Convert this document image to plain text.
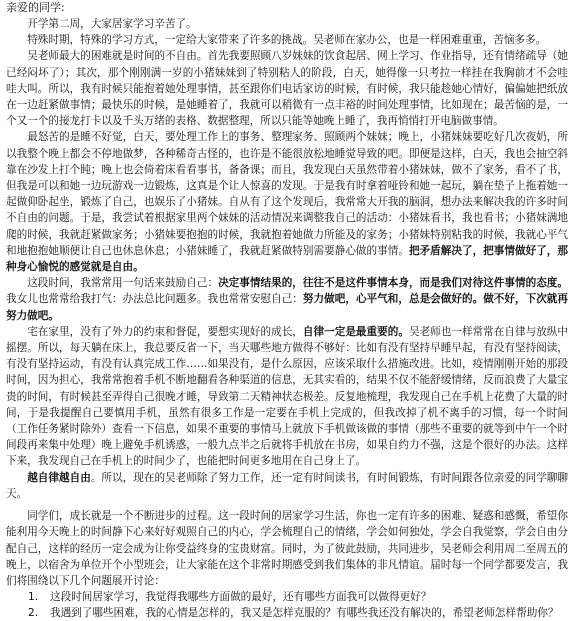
亲爱的同学:

开学第二周，大家居家学习辛苦了。

特殊时期，特殊的学习方式，一定给大家带来了许多的挑战。吴老师在家办公，也是一样困难重重，苦恼多多。

吴老师最大的困难就是时间的不自由。首先我要照顾八岁妹妹的饮食起居、网上学习、作业指导，还有情绪疏导（她已经闷坏了）；其次，那个刚刚满一岁的小猪妹妹到了特别粘人的阶段，白天，她得像一只考拉一样挂在我胸前才不会哇哇大叫。所以，我有时候只能抱着她处理事情，甚至跟你们电话家访的时候，有时候，我只能趁她心情好，偏偏她把纸放在一边赶紧做事情；最快乐的时候，是她睡着了，我就可以稍微有一点丰裕的时间处理事情，比如现在；最苦恼的是，一个又一个的接龙打卡以及千头万绪的表格、数据整理，所以只能等她晚上睡了，我再悄悄打开电脑做事情。

最怒苦的是睡不好觉，白天，要处理工作上的事务、整理家务、照顾两个妹妹；晚上，小猪妹妹要吃好几次夜奶，所以我整个晚上都会不停地做梦，各种稀奇古怪的，也许是不能很放松地睡觉导致的吧。即便是这样，白天，我也会抽空斜靠在沙发上打个盹；晚上也会倚着床看看事书，备备课；而且，我发现白天虽然带着小猪妹妹，做不了家务，看不了书，但我是可以和她一边玩游戏一边锻炼，这真是个让人惊喜的发现。于是我有时拿着哑铃和她一起玩，躺在垫子上拖着她一起做仰卧起坐，锻炼了自己，也娱乐了小猪妹。自从有了这个发现后，我常常大开我的脑洞，想办法来解决我的许多时间不自由的问题。于是，我尝试着根据家里两个妹妹的活动情况来调整我自己的活动：小猪妹看书，我也看书；小猪妹满地爬的时候，我就赶紧做家务；小猪妹要抱抱的时候，我就抱着她做力所能及的家务；小猪妹特别粘我的时候，我就心平气和地抱抱她顺便让自己也休息休息；小猪妹睡了，我就赶紧做特别需要静心做的事情。把矛盾解决了，把事情做好了，那种身心愉悦的感觉就是自由。

这段时间，我常常用一句话来鼓励自己：决定事情结果的，往往不是这件事情本身，而是我们对待这件事情的态度。我女儿也常常给我打气：办法总比问题多。我也常常安慰自己：努力做吧，心平气和，总是会做好的。做不好，下次就再努力做吧。

宅在家里，没有了外力的约束和督促，要想实现好的成长，自律一定是最重要的。吴老师也一样常常在自律与放纵中摇摆。所以，每天躺在床上，我总要反省一下，当天哪些地方做得不够好：比如有没有坚持早睡早起，有没有坚持阅读，有没有坚持运动，有没有认真完成工作……如果没有，是什么原因，应该采取什么措施改进。比如，疫情刚刚开始的那段时间，因为担心，我常常抱着手机不断地翻看各种渠道的信息，无其实看的，结果不仅不能舒缓情绪，反而浪费了大量宝贵的时间，有时候甚至弄得自己很晚才睡，导致第二天精神状态极差。反复地梳理，我发现自己在手机上花费了大量的时间，于是我提醒自己要慎用手机，虽然有很多工作是一定要在手机上完成的，但我改掉了机不离手的习惯，每一个时间（工作任务紧时除外）查看一下信息，如果不重要的事情马上就放下手机做该做的事情（那些不重要的就等到中午一个时间段再来集中处理）晚上避免手机诱惑，一般九点半之后就将手机放在书房，如果自约力不强，这是个很好的办法。这样下来，我发现自己在手机上的时间少了，也能把时间更多地用在自己身上了。

越自律越自由。所以，现在的吴老师除了努力工作，还一定有时间读书，有时间锻炼，有时间跟各位亲爱的同学聊聊天。

同学们，成长就是一个不断进步的过程。这一段时间的居家学习生活，你也一定有许多的困难、疑惑和感慨，希望你能利用今天晚上的时间静下心来好好观照自己的内心，学会梳理自己的情绪，学会如何独处，学会自我觉察，学会自由分配自己，这样的经历一定会成为让你受益终身的宝贵财富。同时，为了彼此鼓励，共同进步，吴老师会利用周二至周五的晚上，以宿舍为单位开个小型班会，让大家能在这个非常时期感受到我们集体的非凡情谊。届时每一个同学都要发言，我们将围绕以下几个问题展开讨论：

1.	这段时间居家学习，我觉得我哪些方面做的最好，还有哪些方面我可以做得更好？
2.	我遇到了哪些困难，我的心情是怎样的，我又是怎样克服的？有哪些我还没有解决的，希望老师怎样帮助你？
